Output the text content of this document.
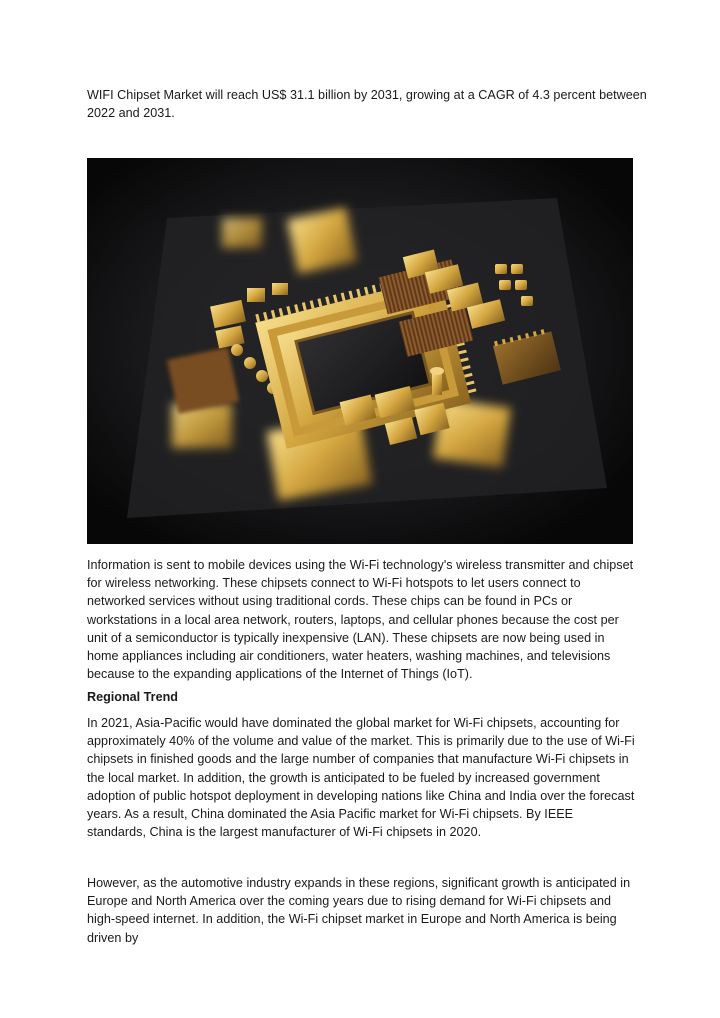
WIFI Chipset Market will reach US$ 31.1 billion by 2031, growing at a CAGR of 4.3 percent between 2022 and 2031.

Information is sent to mobile devices using the Wi-Fi technology's wireless transmitter and chipset for wireless networking. These chipsets connect to Wi-Fi hotspots to let users connect to networked services without using traditional cords. These chips can be found in PCs or workstations in a local area network, routers, laptops, and cellular phones because the cost per unit of a semiconductor is typically inexpensive (LAN). These chipsets are now being used in home appliances including air conditioners, water heaters, washing machines, and televisions because to the expanding applications of the Internet of Things (IoT).

Regional Trend

In 2021, Asia-Pacific would have dominated the global market for Wi-Fi chipsets, accounting for approximately 40% of the volume and value of the market. This is primarily due to the use of Wi-Fi chipsets in finished goods and the large number of companies that manufacture Wi-Fi chipsets in the local market. In addition, the growth is anticipated to be fueled by increased government adoption of public hotspot deployment in developing nations like China and India over the forecast years. As a result, China dominated the Asia Pacific market for Wi-Fi chipsets. By IEEE standards, China is the largest manufacturer of Wi-Fi chipsets in 2020.

However, as the automotive industry expands in these regions, significant growth is anticipated in Europe and North America over the coming years due to rising demand for Wi-Fi chipsets and high-speed internet. In addition, the Wi-Fi chipset market in Europe and North America is being driven by
